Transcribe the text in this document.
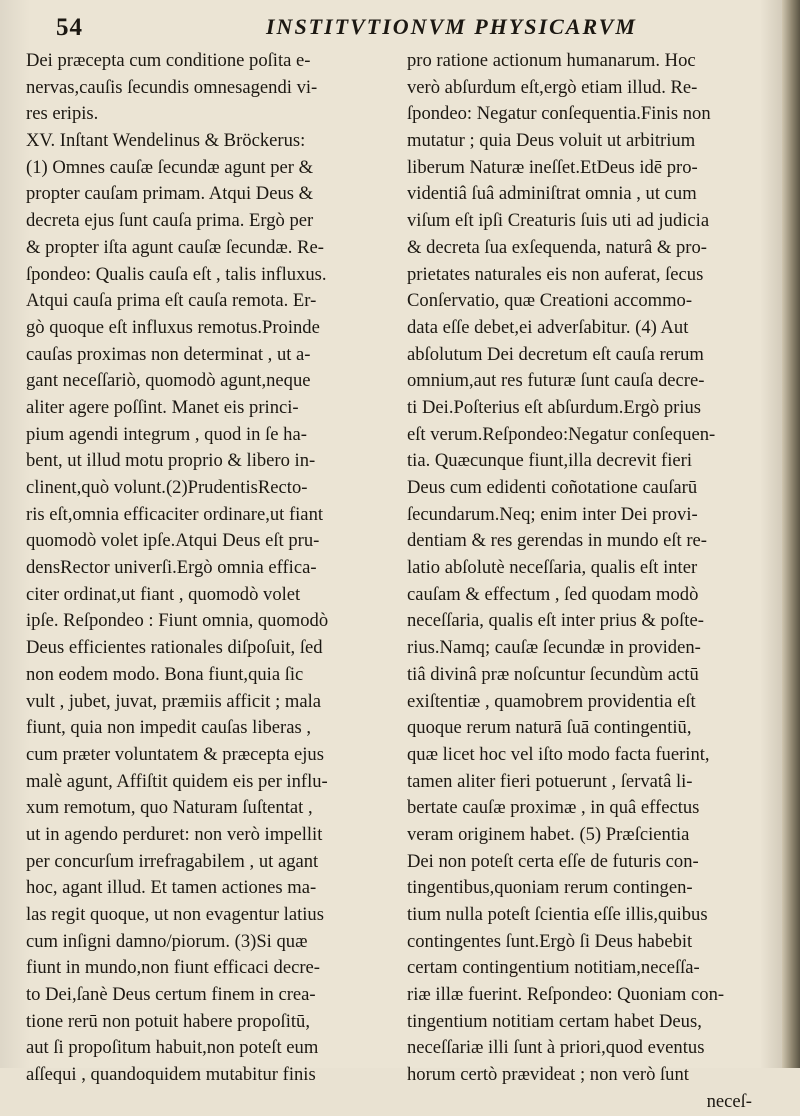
54	INSTITVTIONVM PHYSICARVM
Dei præcepta cum conditione poſita e-
nervas,cauſis ſecundis omnesagendi vi-
res eripis.
XV. Inſtant Wendelinus & Bröckerus:
(1) Omnes cauſæ ſecundæ agunt per &
propter cauſam primam. Atqui Deus &
decreta ejus ſunt cauſa prima. Ergò per
& propter iſta agunt cauſæ ſecundæ. Re-
ſpondeo: Qualis cauſa eſt , talis influxus.
Atqui cauſa prima eſt cauſa remota. Er-
gò quoque eſt influxus remotus.Proinde
cauſas proximas non determinat , ut a-
gant neceſſariò, quomodò agunt,neque
aliter agere poſſint. Manet eis princi-
pium agendi integrum , quod in ſe ha-
bent, ut illud motu proprio & libero in-
clinent,quò volunt.(2)PrudentisRecto-
ris eſt,omnia efficaciter ordinare,ut fiant
quomodò volet ipſe.Atqui Deus eſt pru-
densRector univerſi.Ergò omnia effica-
citer ordinat,ut fiant , quomodò volet
ipſe. Reſpondeo : Fiunt omnia, quomodò
Deus efficientes rationales diſpoſuit, ſed
non eodem modo. Bona fiunt,quia ſic
vult , jubet, juvat, præmiis afficit ; mala
fiunt, quia non impedit cauſas liberas ,
cum præter voluntatem & præcepta ejus
malè agunt, Affiſtit quidem eis per influ-
xum remotum, quo Naturam ſuſtentat ,
ut in agendo perduret: non verò impellit
per concurſum irrefragabilem , ut agant
hoc, agant illud. Et tamen actiones ma-
las regit quoque, ut non evagentur latius
cum inſigni damno/piorum. (3)Si quæ
fiunt in mundo,non fiunt efficaci decre-
to Dei,ſanè Deus certum finem in crea-
tione rerū non potuit habere propoſitū,
aut ſi propoſitum habuit,non poteſt eum
aſſequi , quandoquidem mutabitur finis
pro ratione actionum humanarum. Hoc
verò abſurdum eſt,ergò etiam illud. Re-
ſpondeo: Negatur conſequentia.Finis non
mutatur ; quia Deus voluit ut arbitrium
liberum Naturæ ineſſet.EtDeus idē pro-
videntiâ ſuâ adminiſtrat omnia , ut cum
viſum eſt ipſi Creaturis ſuis uti ad judicia
& decreta ſua exſequenda, naturâ & pro-
prietates naturales eis non auferat, ſecus
Conſervatio, quæ Creationi accommo-
data eſſe debet,ei adverſabitur. (4) Aut
abſolutum Dei decretum eſt cauſa rerum
omnium,aut res futuræ ſunt cauſa decre-
ti Dei.Poſterius eſt abſurdum.Ergò prius
eſt verum.Reſpondeo:Negatur conſequen-
tia. Quæcunque fiunt,illa decrevit fieri
Deus cum edidenti coñotatione cauſarū
ſecundarum.Neq; enim inter Dei provi-
dentiam & res gerendas in mundo eſt re-
latio abſolutè neceſſaria, qualis eſt inter
cauſam & effectum , ſed quodam modò
neceſſaria, qualis eſt inter prius & poſte-
rius.Namq; cauſæ ſecundæ in providen-
tiâ divinâ præ noſcuntur ſecundùm actū
exiſtentiæ , quamobrem providentia eſt
quoque rerum naturā ſuā contingentiū,
quæ licet hoc vel iſto modo facta fuerint,
tamen aliter fieri potuerunt , ſervatâ li-
bertate cauſæ proximæ , in quâ effectus
veram originem habet. (5) Præſcientia
Dei non poteſt certa eſſe de futuris con-
tingentibus,quoniam rerum contingen-
tium nulla poteſt ſcientia eſſe illis,quibus
contingentes ſunt.Ergò ſi Deus habebit
certam contingentium notitiam,neceſſa-
riæ illæ fuerint. Reſpondeo: Quoniam con-
tingentium notitiam certam habet Deus,
neceſſariæ illi ſunt à priori,quod eventus
horum certò prævideat ; non verò ſunt
neceſ-
